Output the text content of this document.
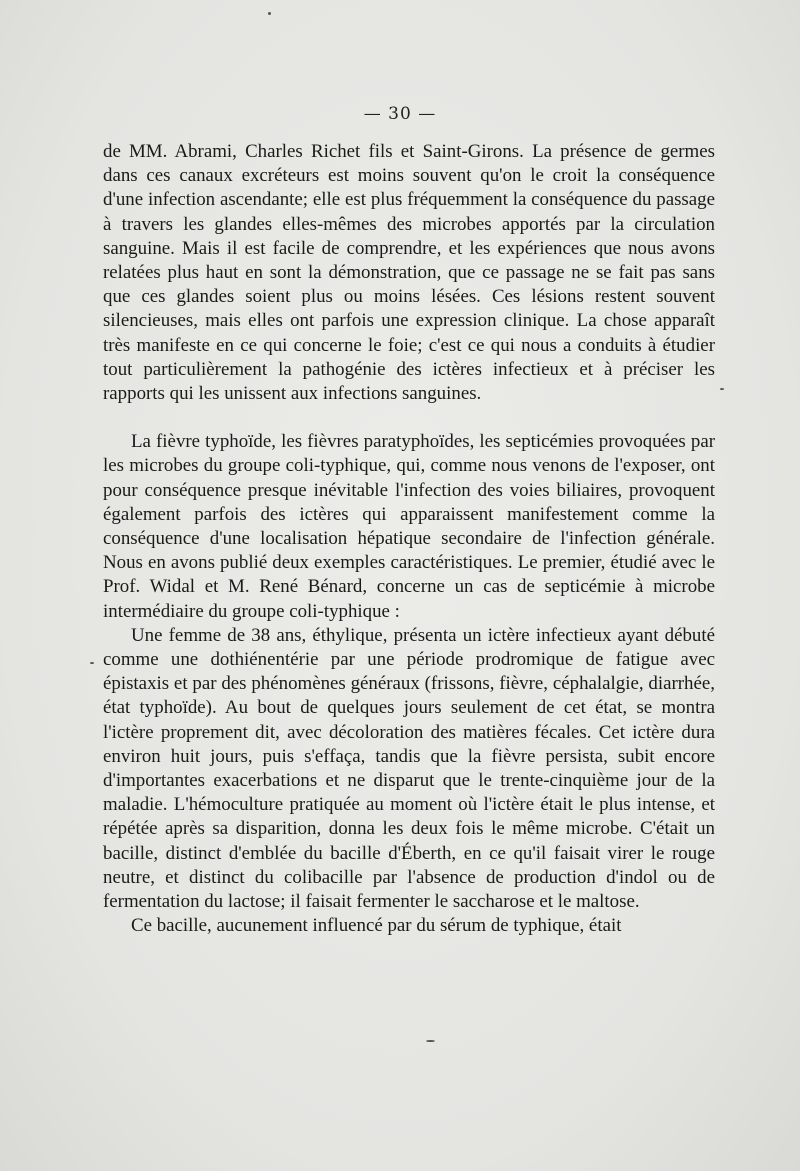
— 30 —

de MM. Abrami, Charles Richet fils et Saint-Girons. La présence de germes dans ces canaux excréteurs est moins souvent qu'on le croit la conséquence d'une infection ascendante; elle est plus fréquemment la conséquence du passage à travers les glandes elles-mêmes des microbes apportés par la circulation sanguine. Mais il est facile de comprendre, et les expériences que nous avons relatées plus haut en sont la démonstration, que ce passage ne se fait pas sans que ces glandes soient plus ou moins lésées. Ces lésions restent souvent silencieuses, mais elles ont parfois une expression clinique. La chose apparaît très manifeste en ce qui concerne le foie; c'est ce qui nous a conduits à étudier tout particulièrement la pathogénie des ictères infectieux et à préciser les rapports qui les unissent aux infections sanguines.

La fièvre typhoïde, les fièvres paratyphoïdes, les septicémies provoquées par les microbes du groupe coli-typhique, qui, comme nous venons de l'exposer, ont pour conséquence presque inévitable l'infection des voies biliaires, provoquent également parfois des ictères qui apparaissent manifestement comme la conséquence d'une localisation hépatique secondaire de l'infection générale. Nous en avons publié deux exemples caractéristiques. Le premier, étudié avec le Prof. Widal et M. René Bénard, concerne un cas de septicémie à microbe intermédiaire du groupe coli-typhique :

Une femme de 38 ans, éthylique, présenta un ictère infectieux ayant débuté comme une dothiénentérie par une période prodromique de fatigue avec épistaxis et par des phénomènes généraux (frissons, fièvre, céphalalgie, diarrhée, état typhoïde). Au bout de quelques jours seulement de cet état, se montra l'ictère proprement dit, avec décoloration des matières fécales. Cet ictère dura environ huit jours, puis s'effaça, tandis que la fièvre persista, subit encore d'importantes exacerbations et ne disparut que le trente-cinquième jour de la maladie. L'hémoculture pratiquée au moment où l'ictère était le plus intense, et répétée après sa disparition, donna les deux fois le même microbe. C'était un bacille, distinct d'emblée du bacille d'Éberth, en ce qu'il faisait virer le rouge neutre, et distinct du colibacille par l'absence de production d'indol ou de fermentation du lactose; il faisait fermenter le saccharose et le maltose.

Ce bacille, aucunement influencé par du sérum de typhique, était
